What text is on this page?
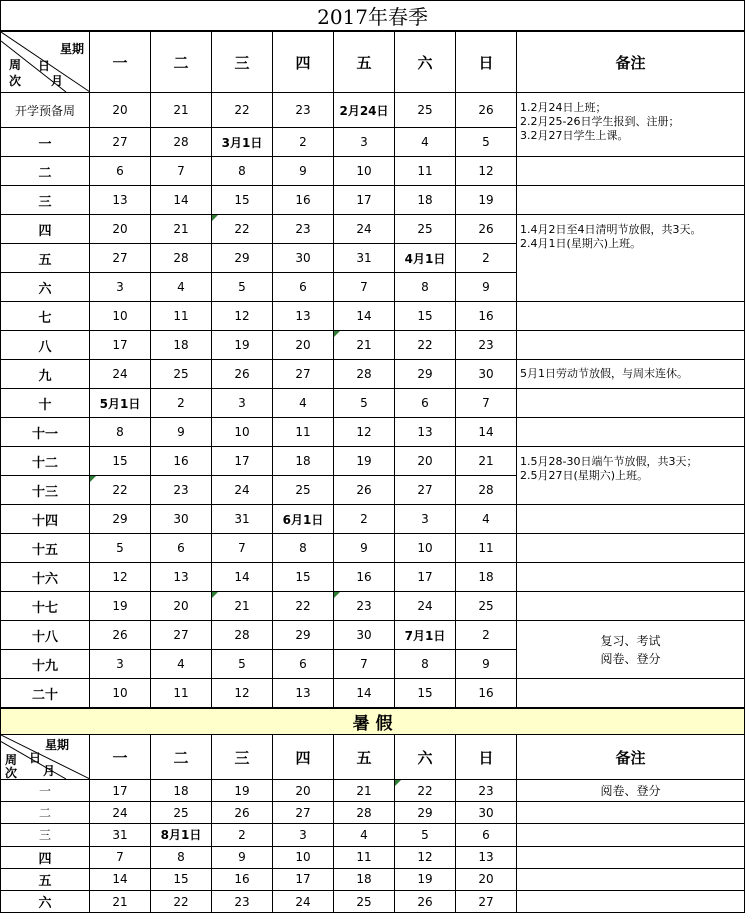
2017年春季								

星期
日
月
周
次	一	二	三	四	五	六	日	备注
开学预备周	20	21	22	23	2月24日	25	26	1.2月24日上班；
2.2月25-26日学生报到、注册；
3.2月27日学生上课。

一	27	28	3月1日	2	3	4	5	
二	6	7	8	9	10	11	12	
三	13	14	15	16	17	18	19	
四	20	21	22	23	24	25	26	1.4月2日至4日清明节放假，共3天。
2.4月1日(星期六)上班。

五	27	28	29	30	31	4月1日	2	
六	3	4	5	6	7	8	9	
七	10	11	12	13	14	15	16	
八	17	18	19	20	21	22	23	
九	24	25	26	27	28	29	30	5月1日劳动节放假，与周末连休。

十	5月1日	2	3	4	5	6	7	
十一	8	9	10	11	12	13	14	
十二	15	16	17	18	19	20	21	1.5月28-30日端午节放假，共3天；
2.5月27日(星期六)上班。

十三	22	23	24	25	26	27	28	
十四	29	30	31	6月1日	2	3	4	
十五	5	6	7	8	9	10	11	
十六	12	13	14	15	16	17	18	
十七	19	20	21	22	23	24	25	
十八	26	27	28	29	30	7月1日	2	复习、考试
阅卷、登分

十九	3	4	5	6	7	8	9	
二十	10	11	12	13	14	15	16	
暑 假								

星期
日
月
周
次	一	二	三	四	五	六	日	备注
一	17	18	19	20	21	22	23	阅卷、登分
二	24	25	26	27	28	29	30	
三	31	8月1日	2	3	4	5	6	
四	7	8	9	10	11	12	13	
五	14	15	16	17	18	19	20	
六	21	22	23	24	25	26	27	
